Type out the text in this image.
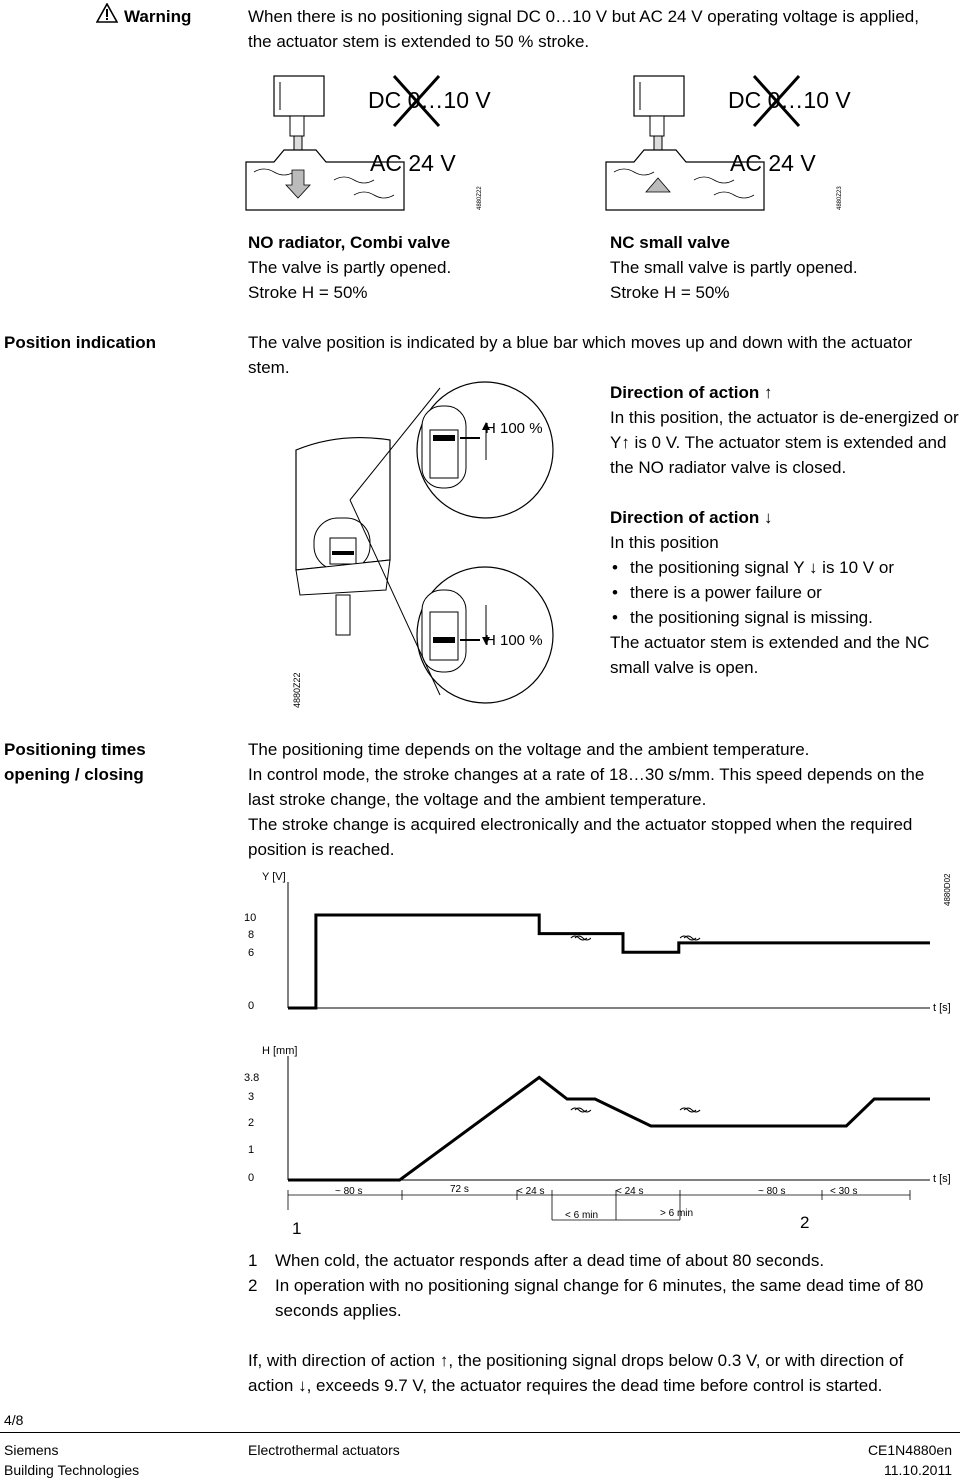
Warning	When there is no positioning signal DC 0…10 V but AC 24 V operating voltage is applied, the actuator stem is extended to 50 % stroke.
4880Z22
DC 0…10 V
AC 24 V
4880Z23
DC 0…10 V
AC 24 V
NO radiator, Combi valve
The valve is partly opened.
Stroke H = 50%
NC small valve
The small valve is partly opened.
Stroke H = 50%
Position indication	The valve position is indicated by a blue bar which moves up and down with the actuator stem.
4880Z22
H 100 %
H 100 %
Direction of action ↑
In this position, the actuator is de-energized or Y↑ is 0 V. The actuator stem is extended and the NO radiator valve is closed.
Direction of action ↓
In this position
• the positioning signal Y ↓ is 10 V or
• there is a power failure or
• the positioning signal is missing.
The actuator stem is extended and the NC small valve is open.
Positioning times
opening / closing
The positioning time depends on the voltage and the ambient temperature.
In control mode, the stroke changes at a rate of 18…30 s/mm. This speed depends on the last stroke change, the voltage and the ambient temperature.
The stroke change is acquired electronically and the actuator stopped when the required position is reached.
Y [V]
10
8
6
0	t [s]
4880D02
H [mm]
3.8
3
2
1
0	t [s]
~ 80 s	72 s	< 24 s	< 24 s	~ 80 s	< 30 s
< 6 min	> 6 min
1	2
1 When cold, the actuator responds after a dead time of about 80 seconds.
2 In operation with no positioning signal change for 6 minutes, the same dead time of 80 seconds applies.
If, with direction of action ↑, the positioning signal drops below 0.3 V, or with direction of action ↓, exceeds 9.7 V, the actuator requires the dead time before control is started.
4/8
Siemens
Building Technologies
Electrothermal actuators	CE1N4880en
11.10.2011
